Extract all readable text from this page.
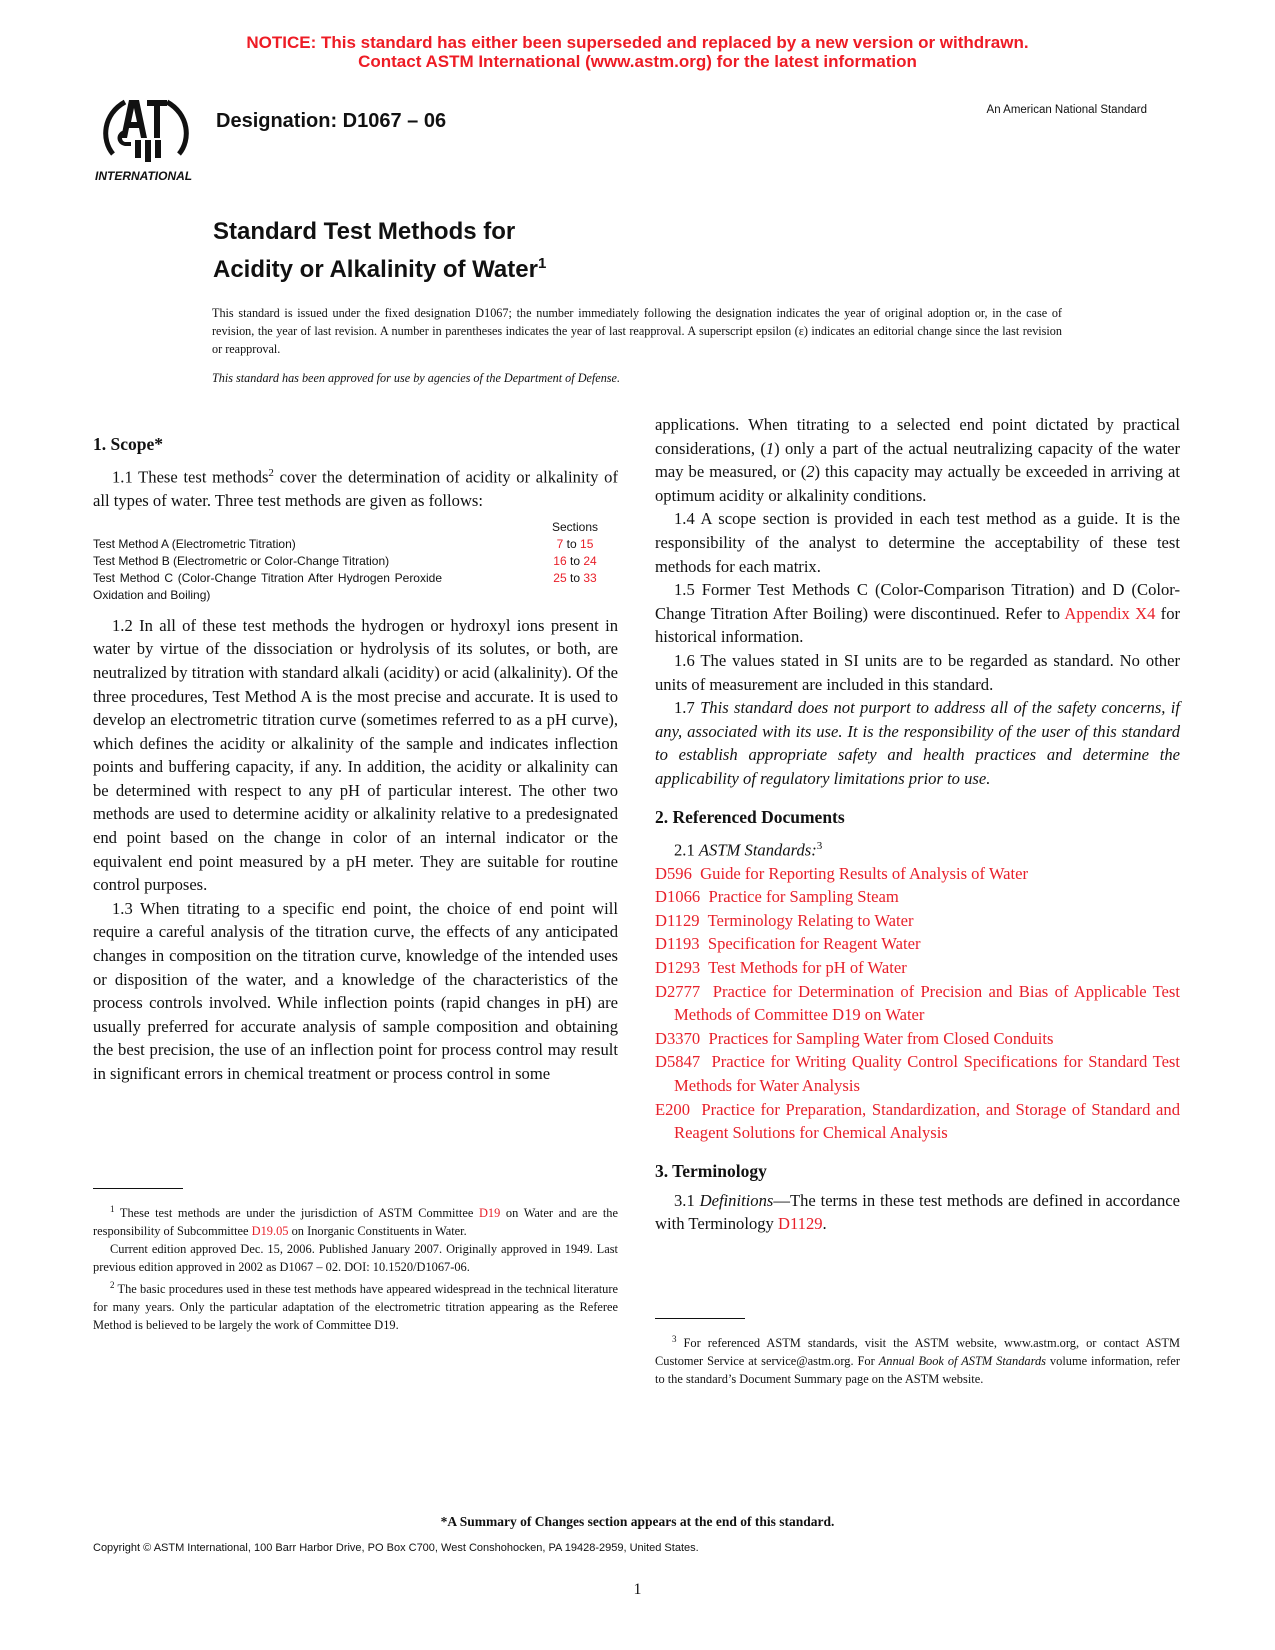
NOTICE: This standard has either been superseded and replaced by a new version or withdrawn.
Contact ASTM International (www.astm.org) for the latest information
INTERNATIONAL
Designation: D1067 – 06	An American National Standard
Standard Test Methods for
Acidity or Alkalinity of Water$^1$

This standard is issued under the fixed designation D1067; the number immediately following the designation indicates the year of original adoption or, in the case of revision, the year of last revision. A number in parentheses indicates the year of last reapproval. A superscript epsilon (ε) indicates an editorial change since the last revision or reapproval.

This standard has been approved for use by agencies of the Department of Defense.

1. Scope*

1.1 These test methods$^2$ cover the determination of acidity or alkalinity of all types of water. Three test methods are given as follows:

	Sections
Test Method A (Electrometric Titration)	7 to 15
Test Method B (Electrometric or Color-Change Titration)	16 to 24
Test Method C (Color-Change Titration After Hydrogen Peroxide Oxidation and Boiling)	25 to 33

1.2 In all of these test methods the hydrogen or hydroxyl ions present in water by virtue of the dissociation or hydrolysis of its solutes, or both, are neutralized by titration with standard alkali (acidity) or acid (alkalinity). Of the three procedures, Test Method A is the most precise and accurate. It is used to develop an electrometric titration curve (sometimes referred to as a pH curve), which defines the acidity or alkalinity of the sample and indicates inflection points and buffering capacity, if any. In addition, the acidity or alkalinity can be determined with respect to any pH of particular interest. The other two methods are used to determine acidity or alkalinity relative to a predesignated end point based on the change in color of an internal indicator or the equivalent end point measured by a pH meter. They are suitable for routine control purposes.

1.3 When titrating to a specific end point, the choice of end point will require a careful analysis of the titration curve, the effects of any anticipated changes in composition on the titration curve, knowledge of the intended uses or disposition of the water, and a knowledge of the characteristics of the process controls involved. While inflection points (rapid changes in pH) are usually preferred for accurate analysis of sample composition and obtaining the best precision, the use of an inflection point for process control may result in significant errors in chemical treatment or process control in some

$^1$ These test methods are under the jurisdiction of ASTM Committee D19 on Water and are the responsibility of Subcommittee D19.05 on Inorganic Constituents in Water.

Current edition approved Dec. 15, 2006. Published January 2007. Originally approved in 1949. Last previous edition approved in 2002 as D1067 – 02. DOI: 10.1520/D1067-06.

$^2$ The basic procedures used in these test methods have appeared widespread in the technical literature for many years. Only the particular adaptation of the electrometric titration appearing as the Referee Method is believed to be largely the work of Committee D19.

applications. When titrating to a selected end point dictated by practical considerations, (1) only a part of the actual neutralizing capacity of the water may be measured, or (2) this capacity may actually be exceeded in arriving at optimum acidity or alkalinity conditions.

1.4 A scope section is provided in each test method as a guide. It is the responsibility of the analyst to determine the acceptability of these test methods for each matrix.

1.5 Former Test Methods C (Color-Comparison Titration) and D (Color-Change Titration After Boiling) were discontinued. Refer to Appendix X4 for historical information.

1.6 The values stated in SI units are to be regarded as standard. No other units of measurement are included in this standard.

1.7 This standard does not purport to address all of the safety concerns, if any, associated with its use. It is the responsibility of the user of this standard to establish appropriate safety and health practices and determine the applicability of regulatory limitations prior to use.

2. Referenced Documents

2.1 ASTM Standards:$^3$

D596 Guide for Reporting Results of Analysis of Water

D1066 Practice for Sampling Steam

D1129 Terminology Relating to Water

D1193 Specification for Reagent Water

D1293 Test Methods for pH of Water

D2777 Practice for Determination of Precision and Bias of Applicable Test Methods of Committee D19 on Water

D3370 Practices for Sampling Water from Closed Conduits

D5847 Practice for Writing Quality Control Specifications for Standard Test Methods for Water Analysis

E200 Practice for Preparation, Standardization, and Storage of Standard and Reagent Solutions for Chemical Analysis

3. Terminology

3.1 Definitions—The terms in these test methods are defined in accordance with Terminology D1129.

$^3$ For referenced ASTM standards, visit the ASTM website, www.astm.org, or contact ASTM Customer Service at service@astm.org. For Annual Book of ASTM Standards volume information, refer to the standard’s Document Summary page on the ASTM website.

*A Summary of Changes section appears at the end of this standard.
Copyright © ASTM International, 100 Barr Harbor Drive, PO Box C700, West Conshohocken, PA 19428-2959, United States.
1
